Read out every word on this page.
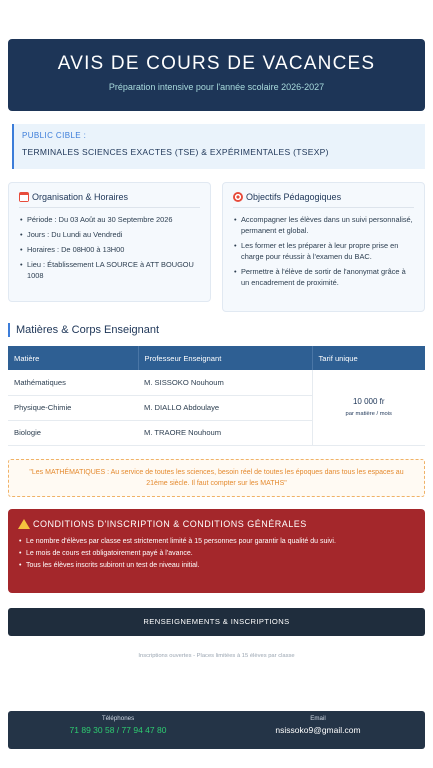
AVIS DE COURS DE VACANCES
Préparation intensive pour l'année scolaire 2026-2027
PUBLIC CIBLE :
TERMINALES SCIENCES EXACTES (TSE) & EXPÉRIMENTALES (TSEXP)
Organisation & Horaires
• Période : Du 03 Août au 30 Septembre 2026
• Jours : Du Lundi au Vendredi
• Horaires : De 08H00 à 13H00
• Lieu : Établissement LA SOURCE à ATT BOUGOU 1008
Objectifs Pédagogiques
• Accompagner les élèves dans un suivi personnalisé, permanent et global.
• Les former et les préparer à leur propre prise en charge pour réussir à l'examen du BAC.
• Permettre à l'élève de sortir de l'anonymat grâce à un encadrement de proximité.
Matières & Corps Enseignant
Matière	Professeur Enseignant	Tarif unique
Mathématiques	M. SISSOKO Nouhoum	10 000 fr
par matière / mois

Physique-Chimie	M. DIALLO Abdoulaye	
Biologie	M. TRAORE Nouhoum	
"Les MATHÉMATIQUES : Au service de toutes les sciences, besoin réel de toutes les époques dans tous les espaces au 21ème siècle. Il faut compter sur les MATHS"
CONDITIONS D'INSCRIPTION & CONDITIONS GÉNÉRALES
• Le nombre d'élèves par classe est strictement limité à 15 personnes pour garantir la qualité du suivi.
• Le mois de cours est obligatoirement payé à l'avance.
• Tous les élèves inscrits subiront un test de niveau initial.
RENSEIGNEMENTS & INSCRIPTIONS
Inscriptions ouvertes - Places limitées à 15 élèves par classe
Téléphones
71 89 30 58 / 77 94 47 80
Email
nsissoko9@gmail.com
